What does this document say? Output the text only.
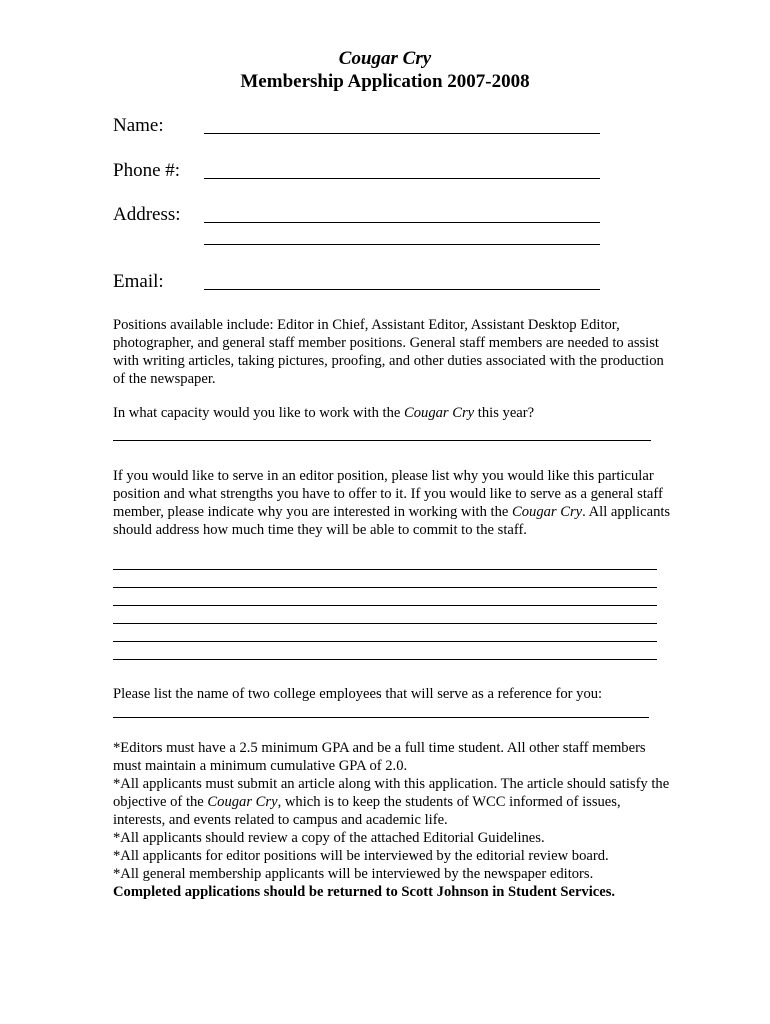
Cougar Cry
Membership Application 2007-2008
Name:
Phone #:
Address:
Email:

Positions available include: Editor in Chief, Assistant Editor, Assistant Desktop Editor, photographer, and general staff member positions. General staff members are needed to assist with writing articles, taking pictures, proofing, and other duties associated with the production of the newspaper.

In what capacity would you like to work with the Cougar Cry this year?

If you would like to serve in an editor position, please list why you would like this particular position and what strengths you have to offer to it. If you would like to serve as a general staff member, please indicate why you are interested in working with the Cougar Cry. All applicants should address how much time they will be able to commit to the staff.

Please list the name of two college employees that will serve as a reference for you:

*Editors must have a 2.5 minimum GPA and be a full time student. All other staff members must maintain a minimum cumulative GPA of 2.0.

*All applicants must submit an article along with this application. The article should satisfy the objective of the Cougar Cry, which is to keep the students of WCC informed of issues, interests, and events related to campus and academic life.

*All applicants should review a copy of the attached Editorial Guidelines.

*All applicants for editor positions will be interviewed by the editorial review board.

*All general membership applicants will be interviewed by the newspaper editors.

Completed applications should be returned to Scott Johnson in Student Services.
